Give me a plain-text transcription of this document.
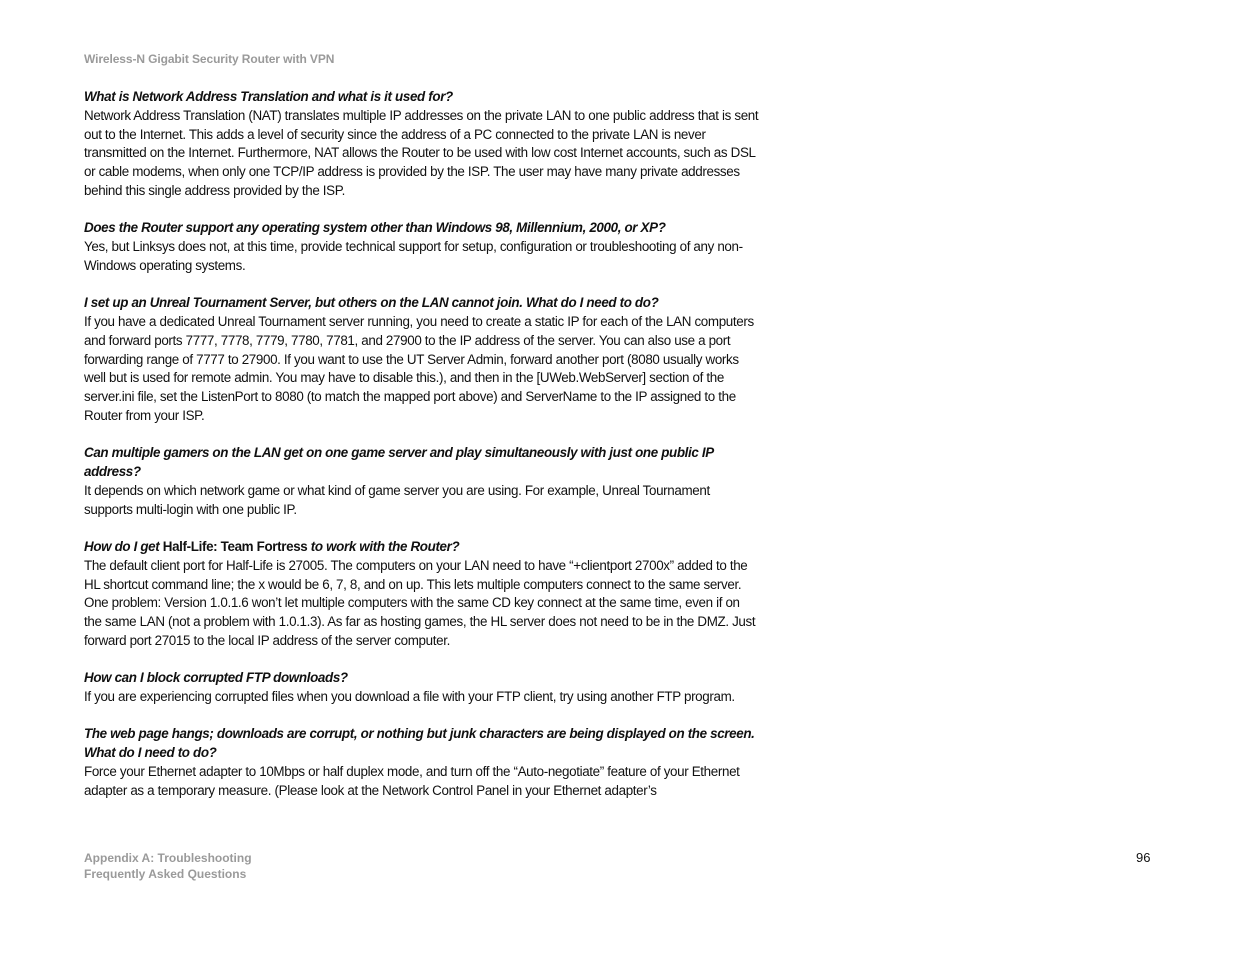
Wireless-N Gigabit Security Router with VPN
What is Network Address Translation and what is it used for?
Network Address Translation (NAT) translates multiple IP addresses on the private LAN to one public address that is sent out to the Internet. This adds a level of security since the address of a PC connected to the private LAN is never transmitted on the Internet. Furthermore, NAT allows the Router to be used with low cost Internet accounts, such as DSL or cable modems, when only one TCP/IP address is provided by the ISP. The user may have many private addresses behind this single address provided by the ISP.
Does the Router support any operating system other than Windows 98, Millennium, 2000, or XP?
Yes, but Linksys does not, at this time, provide technical support for setup, configuration or troubleshooting of any non-Windows operating systems.
I set up an Unreal Tournament Server, but others on the LAN cannot join. What do I need to do?
If you have a dedicated Unreal Tournament server running, you need to create a static IP for each of the LAN computers and forward ports 7777, 7778, 7779, 7780, 7781, and 27900 to the IP address of the server. You can also use a port forwarding range of 7777 to 27900. If you want to use the UT Server Admin, forward another port (8080 usually works well but is used for remote admin. You may have to disable this.), and then in the [UWeb.WebServer] section of the server.ini file, set the ListenPort to 8080 (to match the mapped port above) and ServerName to the IP assigned to the Router from your ISP.
Can multiple gamers on the LAN get on one game server and play simultaneously with just one public IP address?
It depends on which network game or what kind of game server you are using. For example, Unreal Tournament supports multi-login with one public IP.
How do I get Half-Life: Team Fortress to work with the Router?
The default client port for Half-Life is 27005. The computers on your LAN need to have “+clientport 2700x” added to the HL shortcut command line; the x would be 6, 7, 8, and on up. This lets multiple computers connect to the same server. One problem: Version 1.0.1.6 won’t let multiple computers with the same CD key connect at the same time, even if on the same LAN (not a problem with 1.0.1.3). As far as hosting games, the HL server does not need to be in the DMZ. Just forward port 27015 to the local IP address of the server computer.
How can I block corrupted FTP downloads?
If you are experiencing corrupted files when you download a file with your FTP client, try using another FTP program.
The web page hangs; downloads are corrupt, or nothing but junk characters are being displayed on the screen. What do I need to do?
Force your Ethernet adapter to 10Mbps or half duplex mode, and turn off the “Auto-negotiate” feature of your Ethernet adapter as a temporary measure. (Please look at the Network Control Panel in your Ethernet adapter’s
Appendix A: Troubleshooting
Frequently Asked Questions
96
